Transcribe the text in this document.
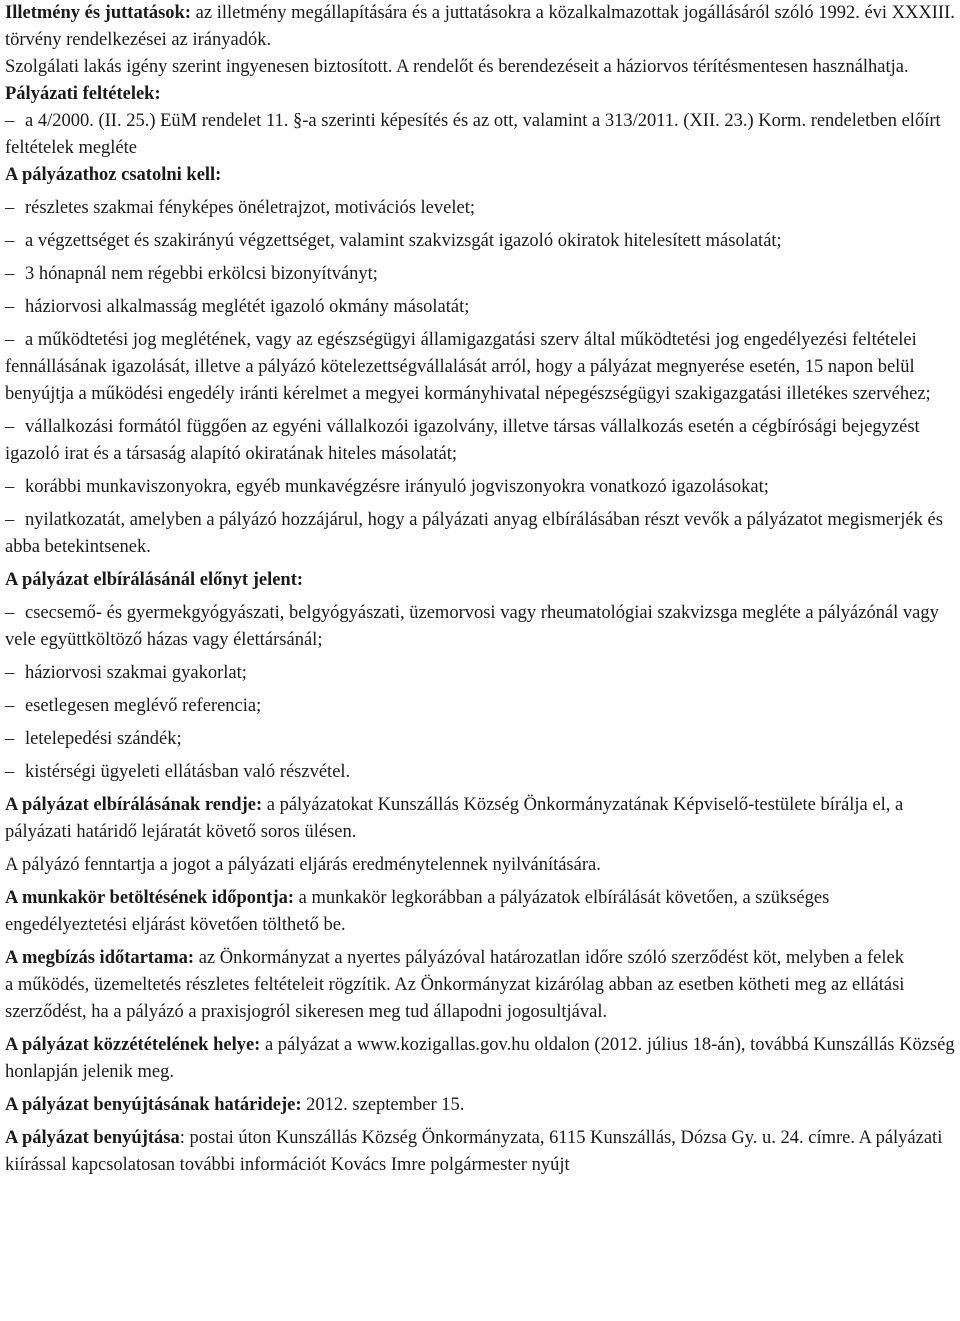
Illetmény és juttatások: az illetmény megállapítására és a juttatásokra a közalkalmazottak jogállásáról szóló 1992. évi XXXIII. törvény rendelkezései az irányadók.

Szolgálati lakás igény szerint ingyenesen biztosított. A rendelőt és berendezéseit a háziorvos térítésmentesen használhatja.

Pályázati feltételek:

– a 4/2000. (II. 25.) EüM rendelet 11. §-a szerinti képesítés és az ott, valamint a 313/2011. (XII. 23.) Korm. rendeletben előírt feltételek megléte

A pályázathoz csatolni kell:

– részletes szakmai fényképes önéletrajzot, motivációs levelet;

– a végzettséget és szakirányú végzettséget, valamint szakvizsgát igazoló okiratok hitelesített másolatát;

– 3 hónapnál nem régebbi erkölcsi bizonyítványt;

– háziorvosi alkalmasság meglétét igazoló okmány másolatát;

– a működtetési jog meglétének, vagy az egészségügyi államigazgatási szerv által működtetési jog engedélyezési feltételei fennállásának igazolását, illetve a pályázó kötelezettségvállalását arról, hogy a pályázat megnyerése esetén, 15 napon belül benyújtja a működési engedély iránti kérelmet a megyei kormányhivatal népegészségügyi szakigazgatási illetékes szervéhez;

– vállalkozási formától függően az egyéni vállalkozói igazolvány, illetve társas vállalkozás esetén a cégbírósági bejegyzést igazoló irat és a társaság alapító okiratának hiteles másolatát;

– korábbi munkaviszonyokra, egyéb munkavégzésre irányuló jogviszonyokra vonatkozó igazolásokat;

– nyilatkozatát, amelyben a pályázó hozzájárul, hogy a pályázati anyag elbírálásában részt vevők a pályázatot megismerjék és abba betekintsenek.

A pályázat elbírálásánál előnyt jelent:

– csecsemő- és gyermekgyógyászati, belgyógyászati, üzemorvosi vagy rheumatológiai szakvizsga megléte a pályázónál vagy vele együttköltöző házas vagy élettársánál;

– háziorvosi szakmai gyakorlat;

– esetlegesen meglévő referencia;

– letelepedési szándék;

– kistérségi ügyeleti ellátásban való részvétel.

A pályázat elbírálásának rendje: a pályázatokat Kunszállás Község Önkormányzatának Képviselő-testülete bírálja el, a pályázati határidő lejáratát követő soros ülésen.

A pályázó fenntartja a jogot a pályázati eljárás eredménytelennek nyilvánítására.

A munkakör betöltésének időpontja: a munkakör legkorábban a pályázatok elbírálását követően, a szükséges engedélyeztetési eljárást követően tölthető be.

A megbízás időtartama: az Önkormányzat a nyertes pályázóval határozatlan időre szóló szerződést köt, melyben a felek

a működés, üzemeltetés részletes feltételeit rögzítik. Az Önkormányzat kizárólag abban az esetben kötheti meg az ellátási szerződést, ha a pályázó a praxisjogról sikeresen meg tud állapodni jogosultjával.

A pályázat közzétételének helye: a pályázat a www.kozigallas.gov.hu oldalon (2012. július 18-án), továbbá Kunszállás Község honlapján jelenik meg.

A pályázat benyújtásának határideje: 2012. szeptember 15.

A pályázat benyújtása: postai úton Kunszállás Község Önkormányzata, 6115 Kunszállás, Dózsa Gy. u. 24. címre. A pályázati kiírással kapcsolatosan további információt Kovács Imre polgármester nyújt
